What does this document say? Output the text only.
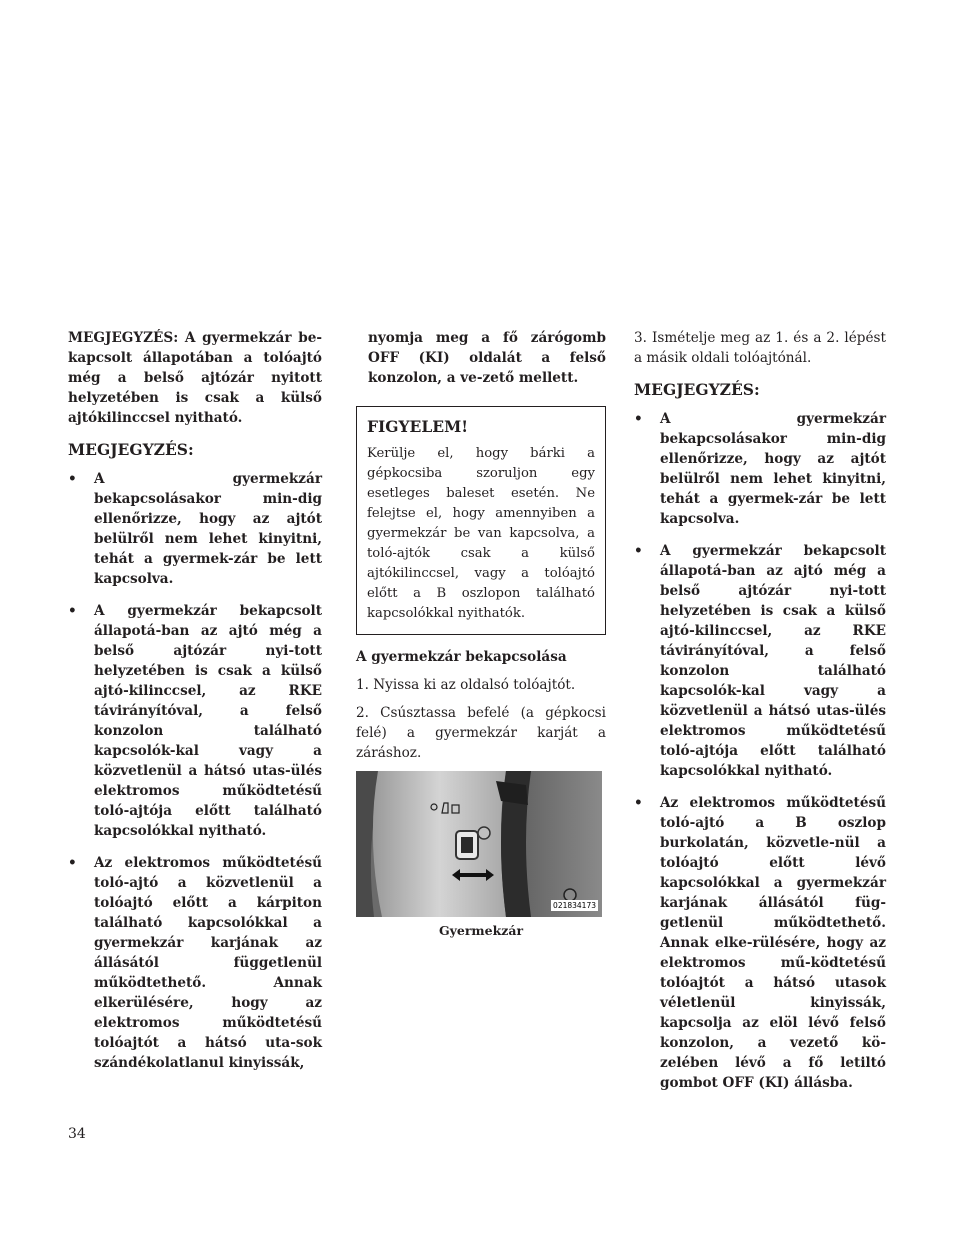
MEGJEGYZÉS: A gyermekzár be-kapcsolt állapotában a tolóajtó még a belső ajtózár nyitott helyzetében is csak a külső ajtókilinccsel nyitható.

MEGJEGYZÉS:
• A gyermekzár bekapcsolásakor min-dig ellenőrizze, hogy az ajtót belülről nem lehet kinyitni, tehát a gyermek-zár be lett kapcsolva.
• A gyermekzár bekapcsolt állapotá-ban az ajtó még a belső ajtózár nyi-tott helyzetében is csak a külső ajtó-kilinccsel, az RKE távirányítóval, a felső konzolon található kapcsolók-kal vagy a közvetlenül a hátsó utas-ülés elektromos működtetésű toló-ajtója előtt található kapcsolókkal nyitható.
• Az elektromos működtetésű toló-ajtó a közvetlenül a tolóajtó előtt a kárpiton található kapcsolókkal a gyermekzár karjának az állásától függetlenül működtethető. Annak elkerülésére, hogy az elektromos működtetésű tolóajtót a hátsó uta-sok szándékolatlanul kinyissák,

nyomja meg a fő zárógomb OFF (KI) oldalát a felső konzolon, a ve-zető mellett.

FIGYELEM!

Kerülje el, hogy bárki a gépkocsiba szoruljon egy esetleges baleset esetén. Ne felejtse el, hogy amennyiben a gyermekzár be van kapcsolva, a toló-ajtók csak a külső ajtókilinccsel, vagy a tolóajtó előtt a B oszlopon található kapcsolókkal nyithatók.

A gyermekzár bekapcsolása

1. Nyissa ki az oldalsó tolóajtót.

2. Csúsztassa befelé (a gépkocsi felé) a gyermekzár karját a záráshoz.

021834173
Gyermekzár

3. Ismételje meg az 1. és a 2. lépést a másik oldali tolóajtónál.

MEGJEGYZÉS:
• A gyermekzár bekapcsolásakor min-dig ellenőrizze, hogy az ajtót belülről nem lehet kinyitni, tehát a gyermek-zár be lett kapcsolva.
• A gyermekzár bekapcsolt állapotá-ban az ajtó még a belső ajtózár nyi-tott helyzetében is csak a külső ajtó-kilinccsel, az RKE távirányítóval, a felső konzolon található kapcsolók-kal vagy a közvetlenül a hátsó utas-ülés elektromos működtetésű toló-ajtója előtt található kapcsolókkal nyitható.
• Az elektromos működtetésű toló-ajtó a B oszlop burkolatán, közvetle-nül a tolóajtó előtt lévő kapcsolókkal a gyermekzár karjának állásától füg-getlenül működtethető. Annak elke-rülésére, hogy az elektromos mű-ködtetésű tolóajtót a hátsó utasok véletlenül kinyissák, kapcsolja az elöl lévő felső konzolon, a vezető kö-zelében lévő a fő letiltó gombot OFF (KI) állásba.
34
